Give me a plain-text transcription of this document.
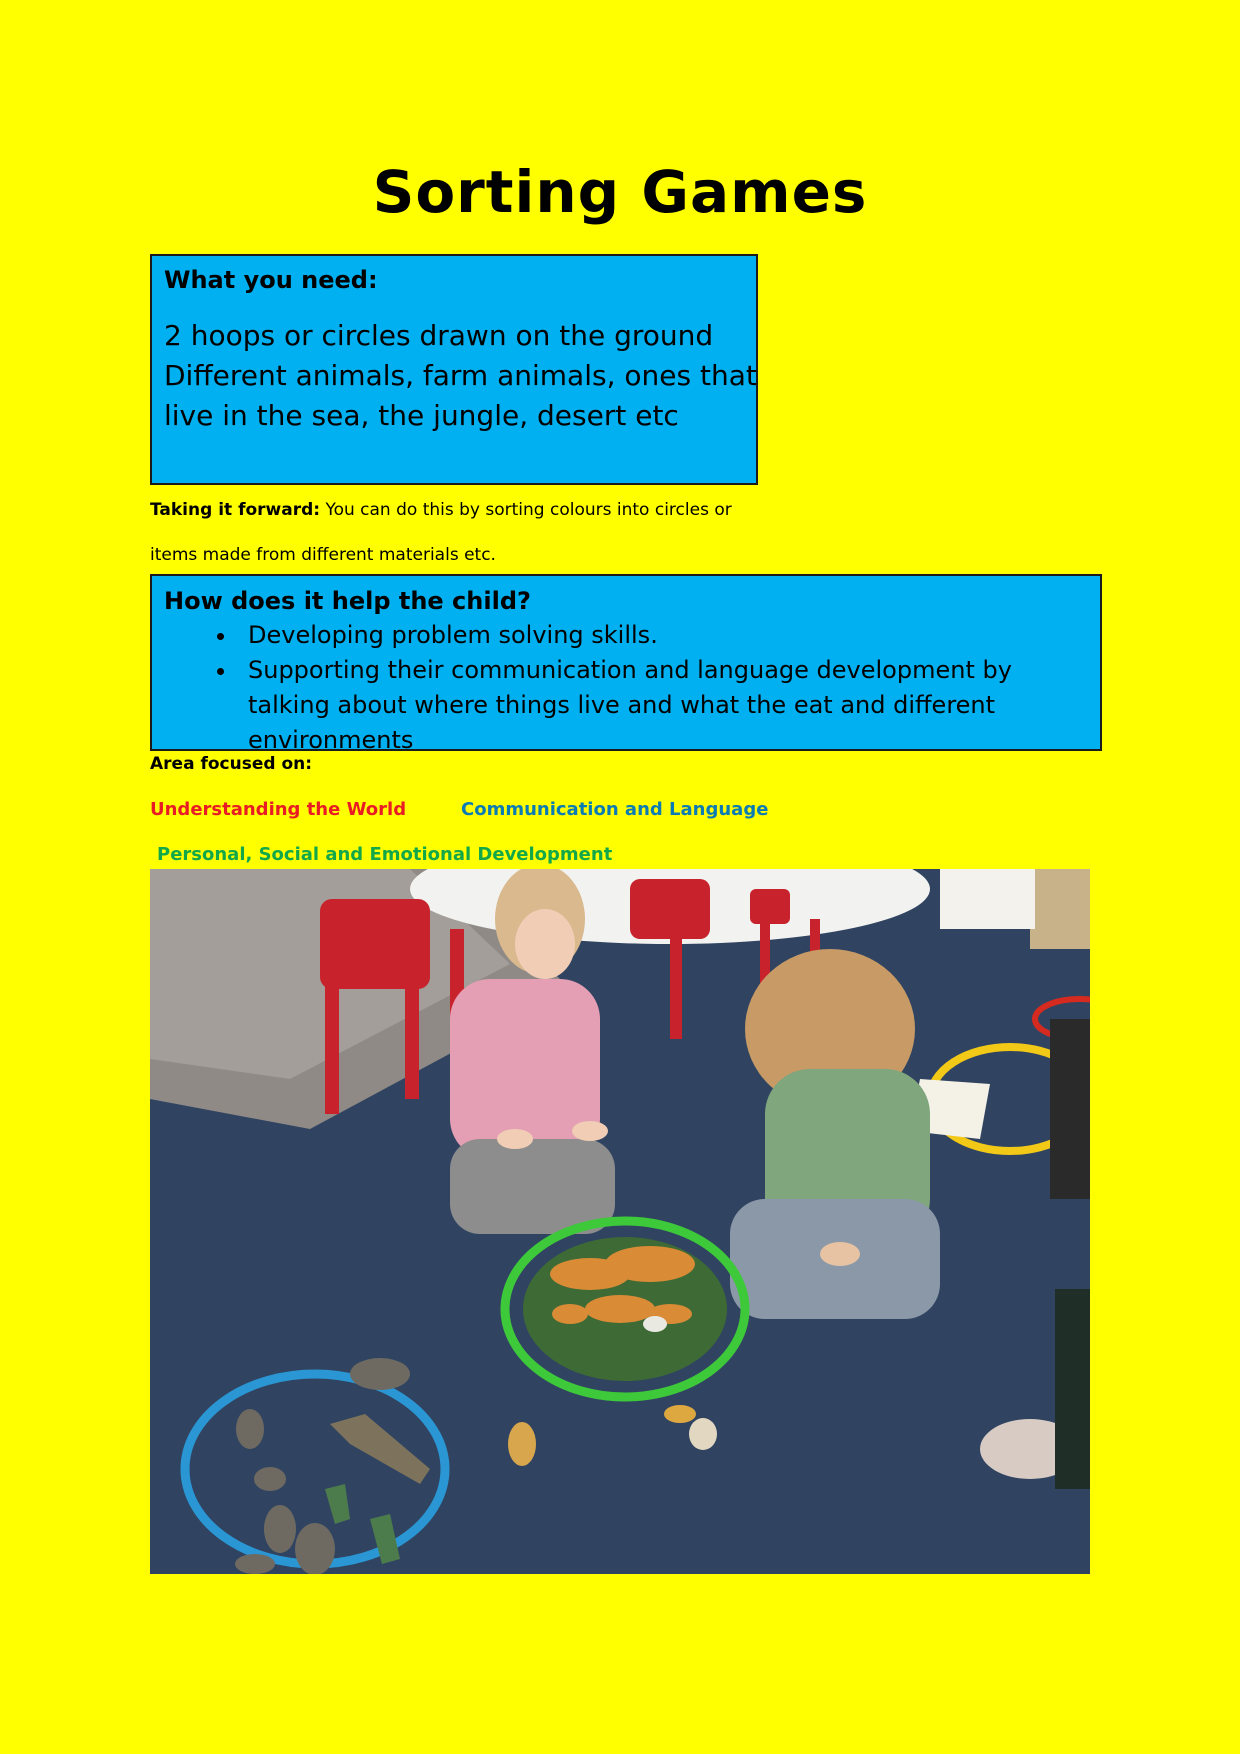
Sorting Games

What you need:

2 hoops or circles drawn on the ground

Different animals, farm animals, ones that

live in the sea, the jungle, desert etc

Taking it forward: You can do this by sorting colours into circles or items made from different materials etc.

How does it help the child?

• Developing problem solving skills.
• Supporting their communication and language development by talking about where things live and what the eat and different environments
Area focused on:
Understanding the World	Communication and Language
Personal, Social and Emotional Development
